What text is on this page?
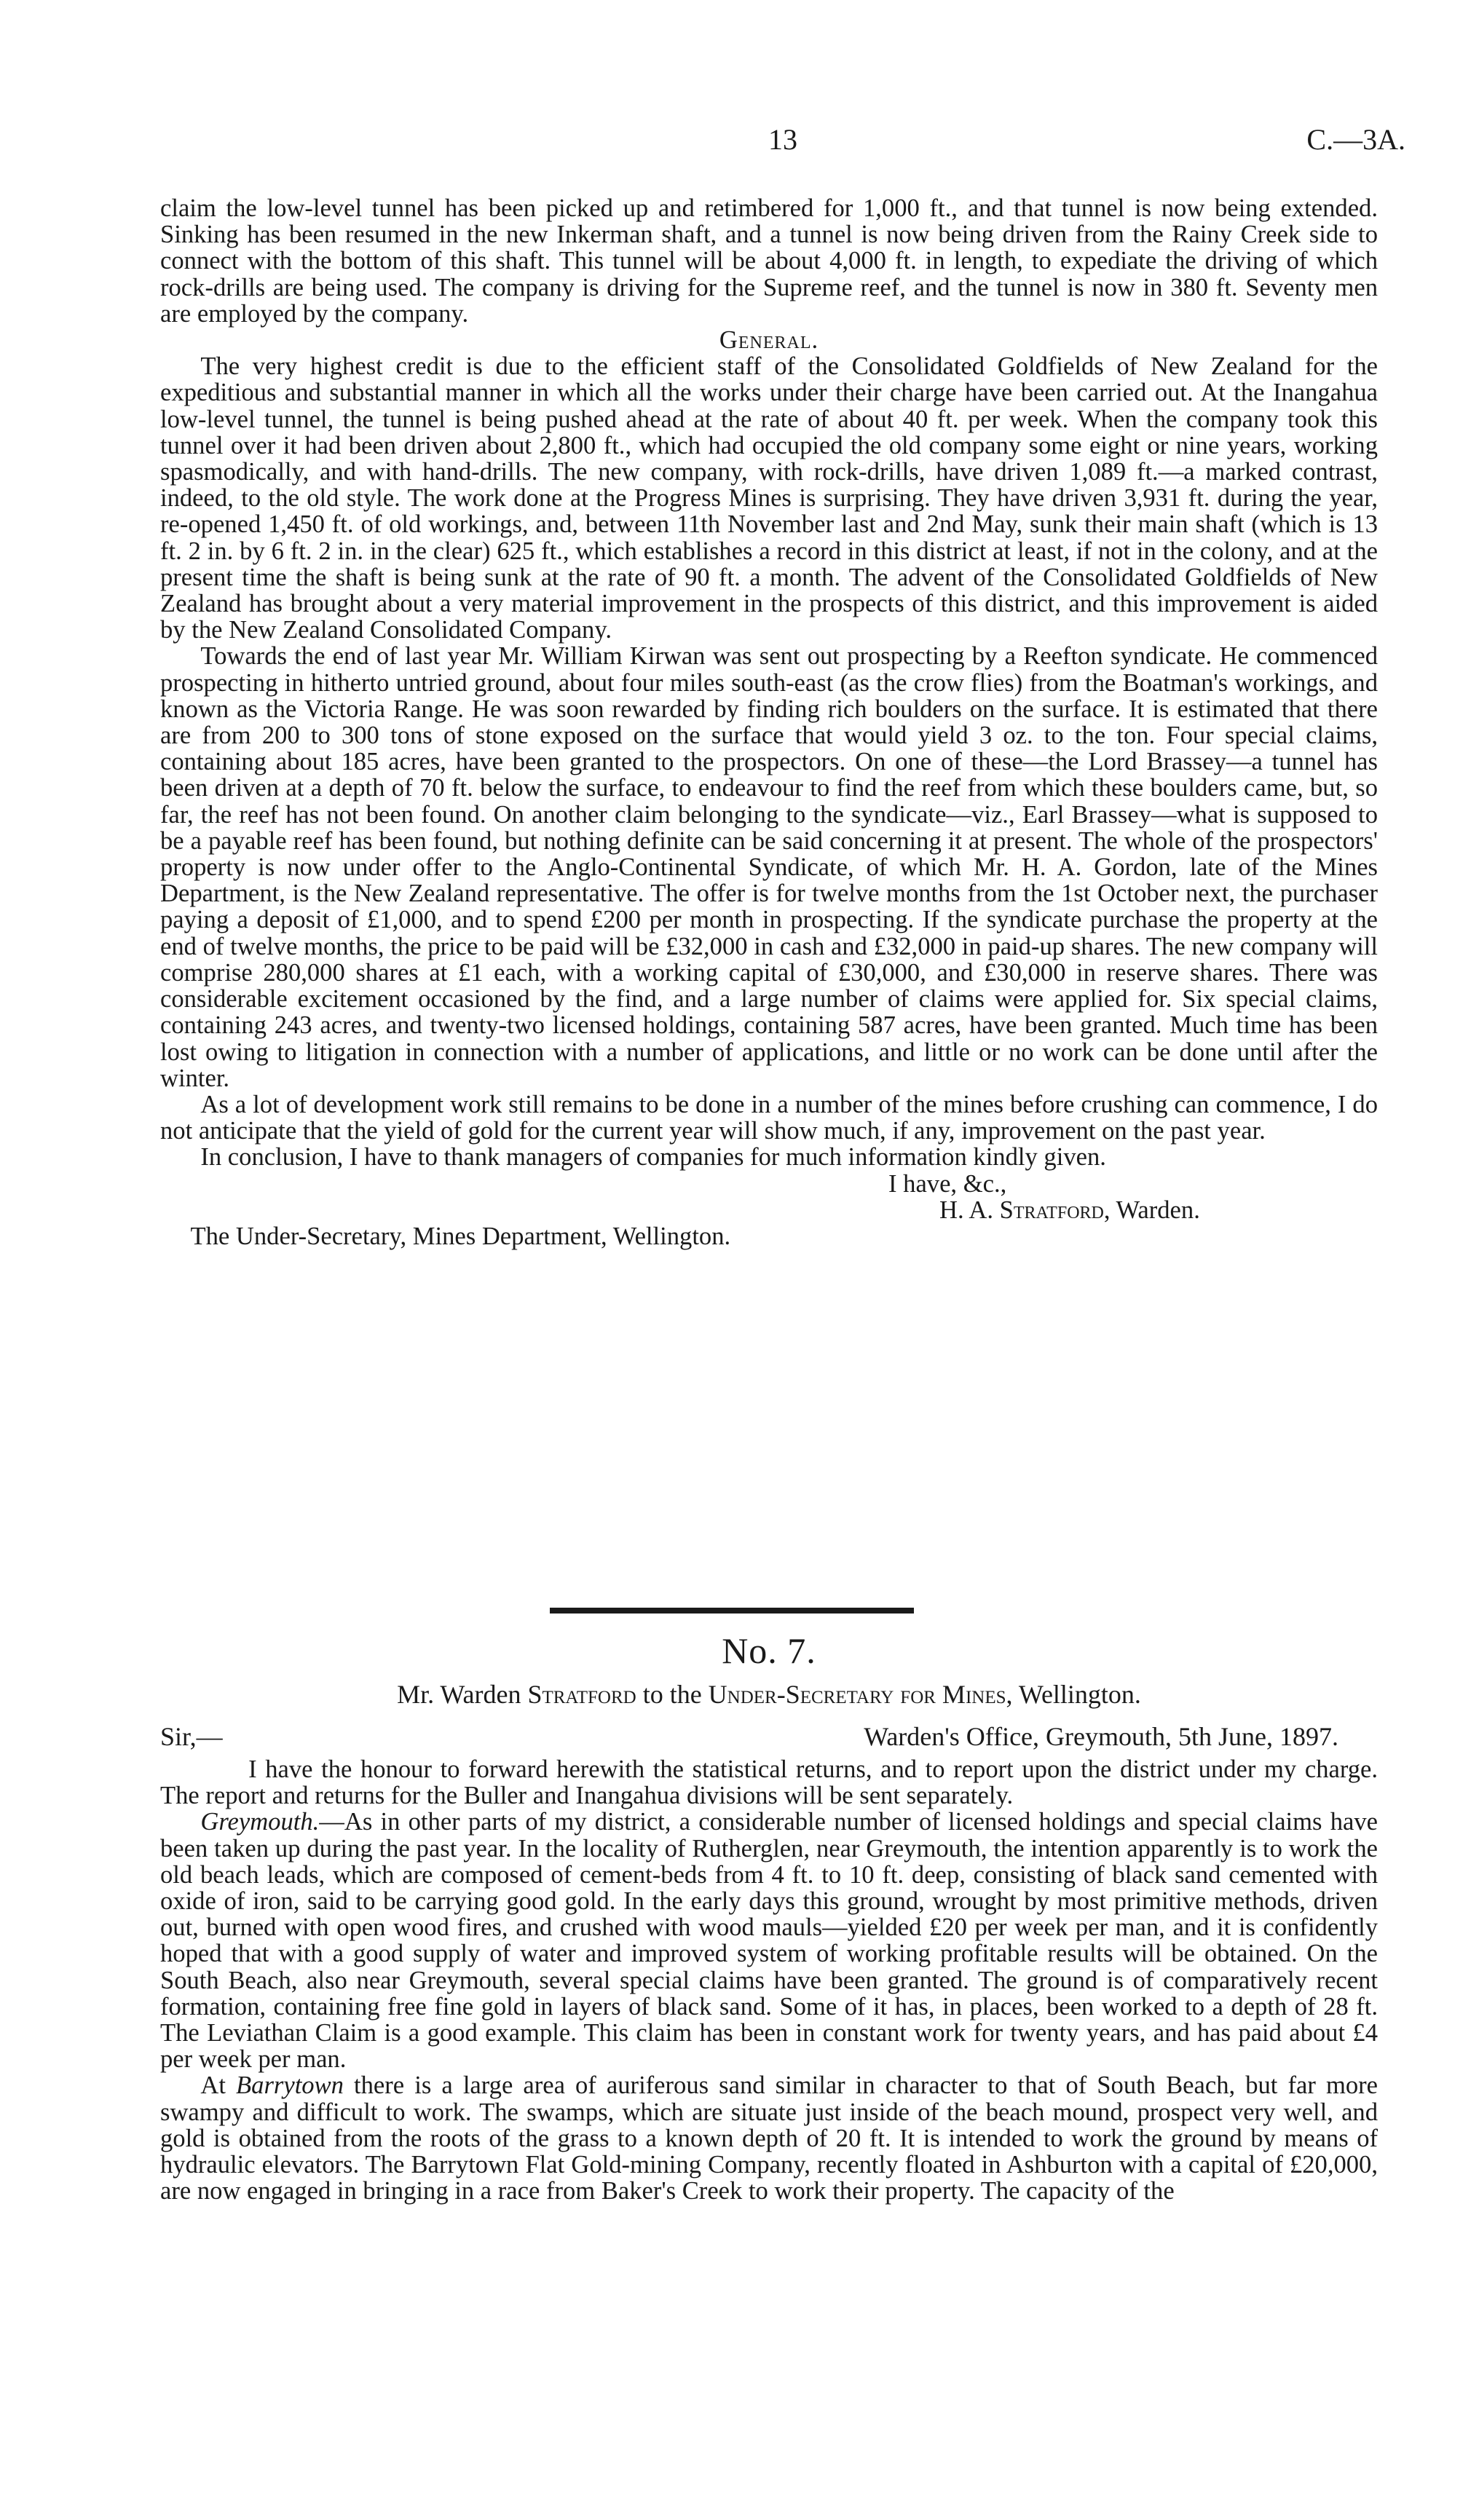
13	C.—3A.

claim the low-level tunnel has been picked up and retimbered for 1,000 ft., and that tunnel is now being extended. Sinking has been resumed in the new Inkerman shaft, and a tunnel is now being driven from the Rainy Creek side to connect with the bottom of this shaft. This tunnel will be about 4,000 ft. in length, to expediate the driving of which rock-drills are being used. The company is driving for the Supreme reef, and the tunnel is now in 380 ft. Seventy men are employed by the company.

General.

The very highest credit is due to the efficient staff of the Consolidated Goldfields of New Zealand for the expeditious and substantial manner in which all the works under their charge have been carried out. At the Inangahua low-level tunnel, the tunnel is being pushed ahead at the rate of about 40 ft. per week. When the company took this tunnel over it had been driven about 2,800 ft., which had occupied the old company some eight or nine years, working spasmodically, and with hand-drills. The new company, with rock-drills, have driven 1,089 ft.—a marked contrast, indeed, to the old style. The work done at the Progress Mines is surprising. They have driven 3,931 ft. during the year, re-opened 1,450 ft. of old workings, and, between 11th November last and 2nd May, sunk their main shaft (which is 13 ft. 2 in. by 6 ft. 2 in. in the clear) 625 ft., which establishes a record in this district at least, if not in the colony, and at the present time the shaft is being sunk at the rate of 90 ft. a month. The advent of the Consolidated Goldfields of New Zealand has brought about a very material improvement in the prospects of this district, and this improvement is aided by the New Zealand Consolidated Company.

Towards the end of last year Mr. William Kirwan was sent out prospecting by a Reefton syndicate. He commenced prospecting in hitherto untried ground, about four miles south-east (as the crow flies) from the Boatman's workings, and known as the Victoria Range. He was soon rewarded by finding rich boulders on the surface. It is estimated that there are from 200 to 300 tons of stone exposed on the surface that would yield 3 oz. to the ton. Four special claims, containing about 185 acres, have been granted to the prospectors. On one of these—the Lord Brassey—a tunnel has been driven at a depth of 70 ft. below the surface, to endeavour to find the reef from which these boulders came, but, so far, the reef has not been found. On another claim belonging to the syndicate—viz., Earl Brassey—what is supposed to be a payable reef has been found, but nothing definite can be said concerning it at present. The whole of the prospectors' property is now under offer to the Anglo-Continental Syndicate, of which Mr. H. A. Gordon, late of the Mines Department, is the New Zealand representative. The offer is for twelve months from the 1st October next, the purchaser paying a deposit of £1,000, and to spend £200 per month in prospecting. If the syndicate purchase the property at the end of twelve months, the price to be paid will be £32,000 in cash and £32,000 in paid-up shares. The new company will comprise 280,000 shares at £1 each, with a working capital of £30,000, and £30,000 in reserve shares. There was considerable excitement occasioned by the find, and a large number of claims were applied for. Six special claims, containing 243 acres, and twenty-two licensed holdings, containing 587 acres, have been granted. Much time has been lost owing to litigation in connection with a number of applications, and little or no work can be done until after the winter.

As a lot of development work still remains to be done in a number of the mines before crushing can commence, I do not anticipate that the yield of gold for the current year will show much, if any, improvement on the past year.

In conclusion, I have to thank managers of companies for much information kindly given.

I have, &c.,

H. A. Stratford, Warden.

The Under-Secretary, Mines Department, Wellington.

No. 7.
Mr. Warden Stratford to the Under-Secretary for Mines, Wellington.
Sir,—	Warden's Office, Greymouth, 5th June, 1897.

I have the honour to forward herewith the statistical returns, and to report upon the district under my charge. The report and returns for the Buller and Inangahua divisions will be sent separately.

Greymouth.—As in other parts of my district, a considerable number of licensed holdings and special claims have been taken up during the past year. In the locality of Rutherglen, near Greymouth, the intention apparently is to work the old beach leads, which are composed of cement-beds from 4 ft. to 10 ft. deep, consisting of black sand cemented with oxide of iron, said to be carrying good gold. In the early days this ground, wrought by most primitive methods, driven out, burned with open wood fires, and crushed with wood mauls—yielded £20 per week per man, and it is confidently hoped that with a good supply of water and improved system of working profitable results will be obtained. On the South Beach, also near Greymouth, several special claims have been granted. The ground is of comparatively recent formation, containing free fine gold in layers of black sand. Some of it has, in places, been worked to a depth of 28 ft. The Leviathan Claim is a good example. This claim has been in constant work for twenty years, and has paid about £4 per week per man.

At Barrytown there is a large area of auriferous sand similar in character to that of South Beach, but far more swampy and difficult to work. The swamps, which are situate just inside of the beach mound, prospect very well, and gold is obtained from the roots of the grass to a known depth of 20 ft. It is intended to work the ground by means of hydraulic elevators. The Barrytown Flat Gold-mining Company, recently floated in Ashburton with a capital of £20,000, are now engaged in bringing in a race from Baker's Creek to work their property. The capacity of the
